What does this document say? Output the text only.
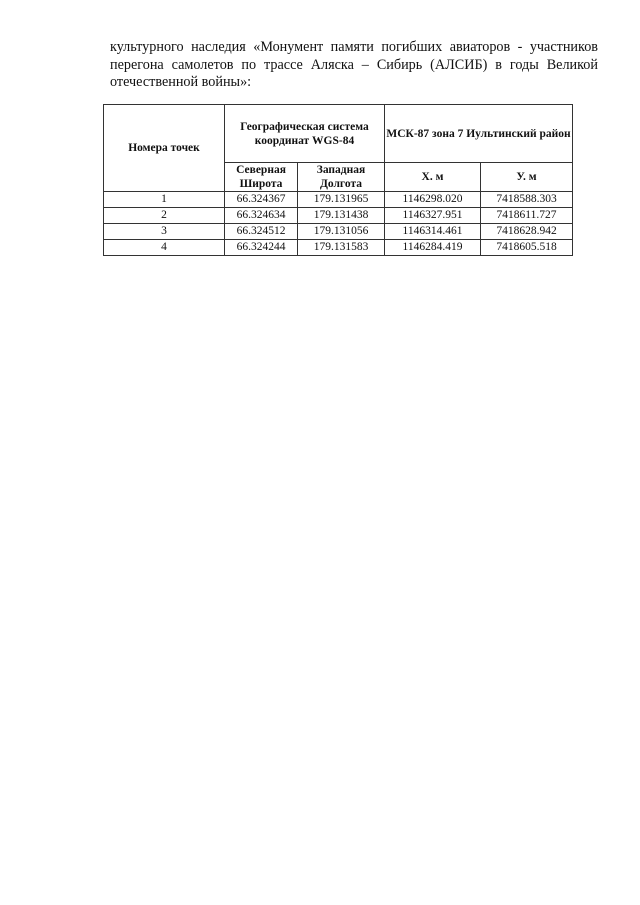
культурного наследия «Монумент памяти погибших авиаторов - участников перегона самолетов по трассе Аляска – Сибирь (АЛСИБ) в годы Великой отечественной войны»:

Номера точек	Географическая система координат WGS-84		МСК-87 зона 7 Иультинский район	
	Северная Широта	Западная Долгота	Х. м	У. м
1	66.324367	179.131965	1146298.020	7418588.303
2	66.324634	179.131438	1146327.951	7418611.727
3	66.324512	179.131056	1146314.461	7418628.942
4	66.324244	179.131583	1146284.419	7418605.518
